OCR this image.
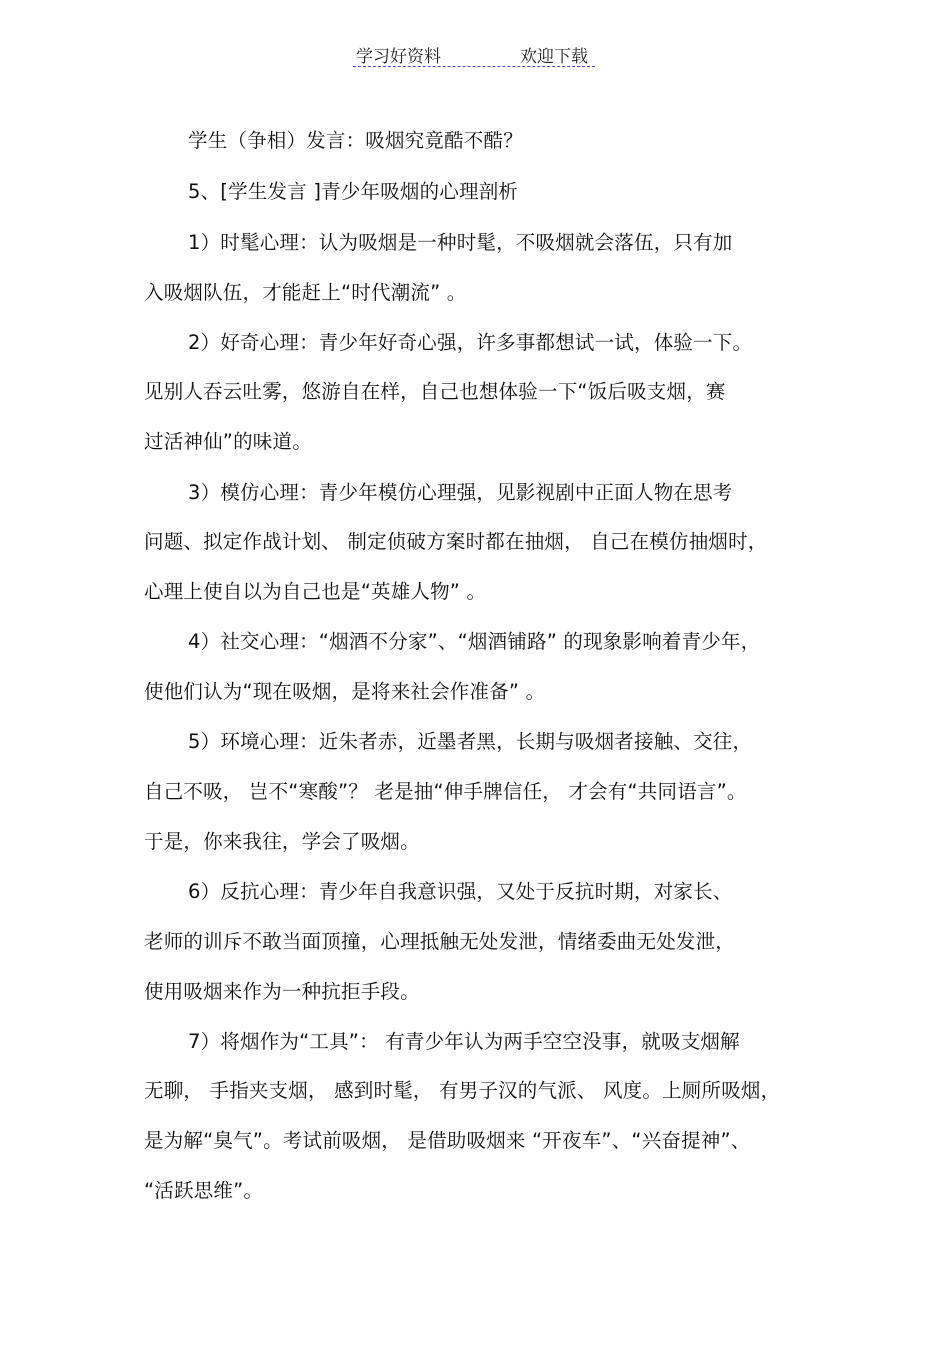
学习好资料	欢迎下载
学生（争相）发言：吸烟究竟酷不酷？
5、[学生发言 ]青少年吸烟的心理剖析
1）时髦心理：认为吸烟是一种时髦，不吸烟就会落伍，只有加
入吸烟队伍，才能赶上“时代潮流” 。
2）好奇心理：青少年好奇心强，许多事都想试一试，体验一下。
见别人吞云吐雾，悠游自在样，自己也想体验一下“饭后吸支烟，赛
过活神仙”的味道。
3）模仿心理：青少年模仿心理强，见影视剧中正面人物在思考
问题、拟定作战计划、 制定侦破方案时都在抽烟， 自己在模仿抽烟时，
心理上使自以为自己也是“英雄人物” 。
4）社交心理：“烟酒不分家”、“烟酒铺路” 的现象影响着青少年，
使他们认为“现在吸烟，是将来社会作准备” 。
5）环境心理：近朱者赤，近墨者黑，长期与吸烟者接触、交往，
自己不吸， 岂不“寒酸”？ 老是抽“伸手牌信任， 才会有“共同语言”。
于是，你来我往，学会了吸烟。
6）反抗心理：青少年自我意识强，又处于反抗时期，对家长、
老师的训斥不敢当面顶撞，心理抵触无处发泄，情绪委曲无处发泄，
使用吸烟来作为一种抗拒手段。
7）将烟作为“工具”： 有青少年认为两手空空没事，就吸支烟解
无聊， 手指夹支烟， 感到时髦， 有男子汉的气派、 风度。上厕所吸烟，
是为解“臭气”。考试前吸烟， 是借助吸烟来 “开夜车”、“兴奋提神”、
“活跃思维”。
